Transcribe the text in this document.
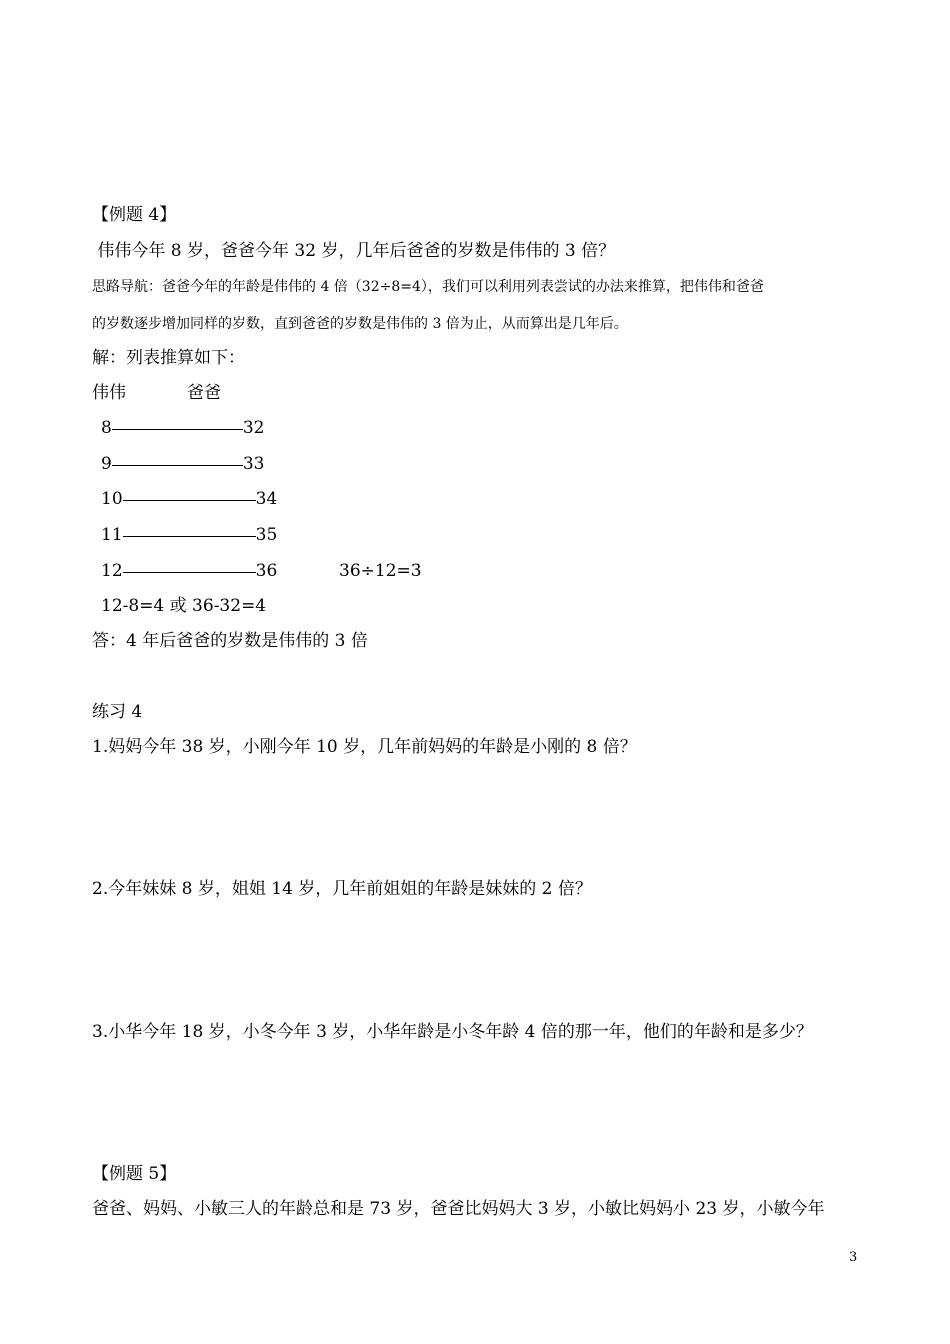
【例题 4】
伟伟今年 8 岁，爸爸今年 32 岁，几年后爸爸的岁数是伟伟的 3 倍？
思路导航：爸爸今年的年龄是伟伟的 4 倍（32÷8=4），我们可以利用列表尝试的办法来推算，把伟伟和爸爸
的岁数逐步增加同样的岁数，直到爸爸的岁数是伟伟的 3 倍为止，从而算出是几年后。
解：列表推算如下：
伟伟	爸爸
8	32
9	33
10	34
11	35
12	36	36÷12=3
12-8=4 或 36-32=4
答：4 年后爸爸的岁数是伟伟的 3 倍
练习 4
1.妈妈今年 38 岁，小刚今年 10 岁，几年前妈妈的年龄是小刚的 8 倍？
2.今年妹妹 8 岁，姐姐 14 岁，几年前姐姐的年龄是妹妹的 2 倍？
3.小华今年 18 岁，小冬今年 3 岁，小华年龄是小冬年龄 4 倍的那一年，他们的年龄和是多少？
【例题 5】
爸爸、妈妈、小敏三人的年龄总和是 73 岁，爸爸比妈妈大 3 岁，小敏比妈妈小 23 岁，小敏今年
3
